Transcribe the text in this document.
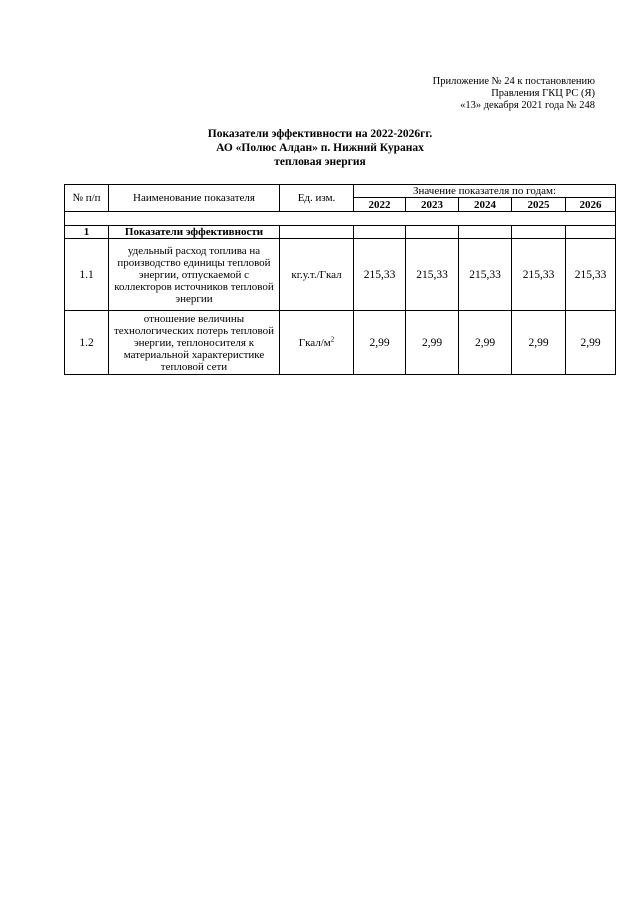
Приложение № 24 к постановлению
Правления ГКЦ РС (Я)
«13» декабря 2021 года № 248
Показатели эффективности на 2022-2026гг.
АО «Полюс Алдан» п. Нижний Куранах
тепловая энергия
№ п/п	Наименование показателя	Ед. изм.	Значение показателя по годам:				
			2022	2023	2024	2025	2026

1	Показатели эффективности						
1.1	удельный расход топлива на производство единицы тепловой энергии, отпускаемой с коллекторов источников тепловой энергии	кг.у.т./Гкал	215,33	215,33	215,33	215,33	215,33
1.2	отношение величины технологических потерь тепловой энергии, теплоносителя к материальной характеристике тепловой сети	Гкал/$м^2$	2,99	2,99	2,99	2,99	2,99
